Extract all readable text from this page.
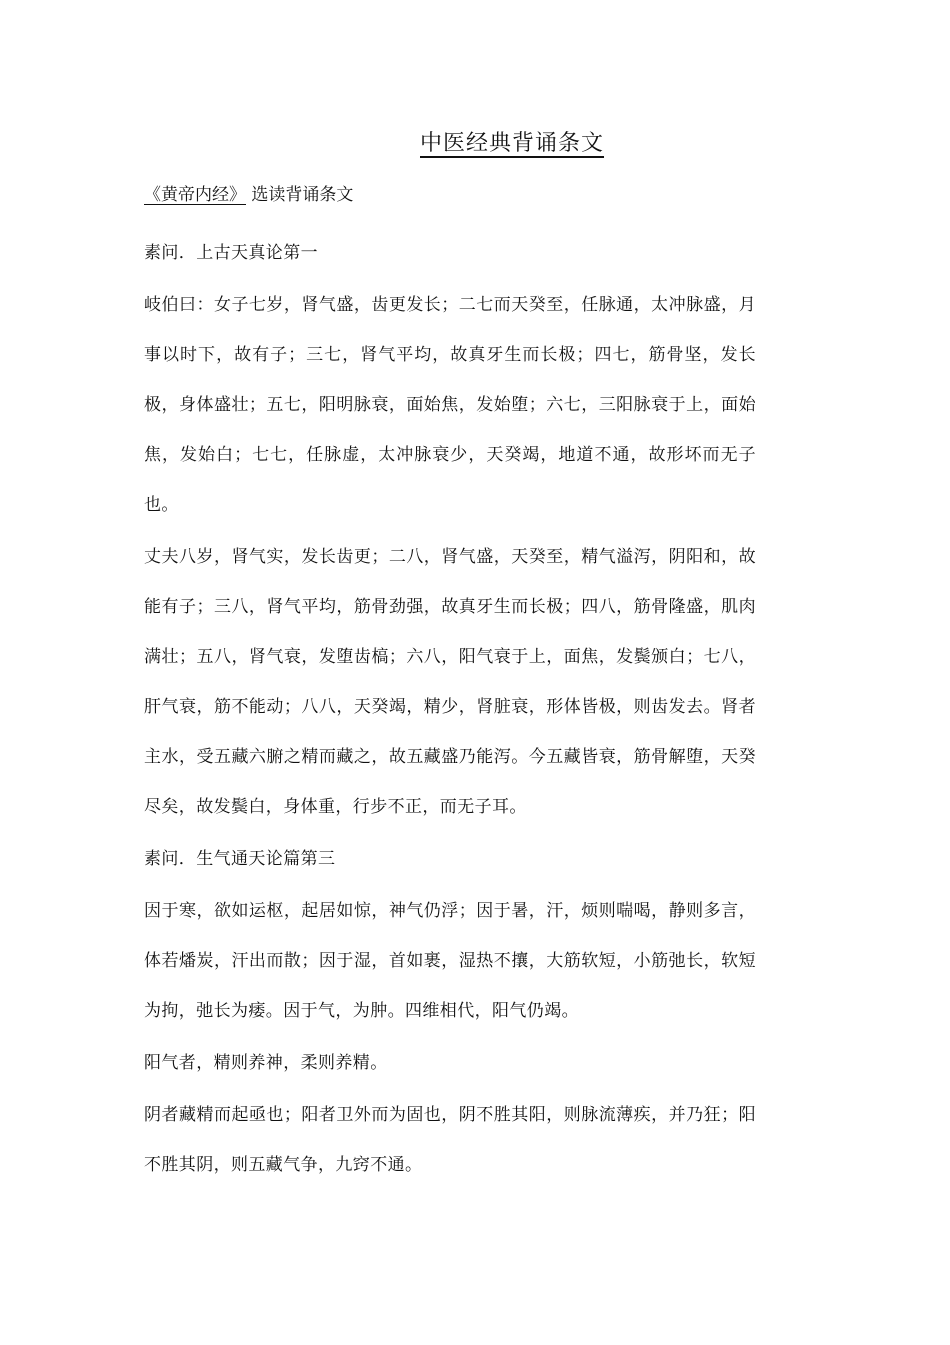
中医经典背诵条文
《黄帝内经》 选读背诵条文

素问．上古天真论第一

岐伯曰：女子七岁，肾气盛，齿更发长；二七而天癸至，任脉通，太冲脉盛，月事以时下，故有子；三七，肾气平均，故真牙生而长极；四七，筋骨坚，发长极，身体盛壮；五七，阳明脉衰，面始焦，发始堕；六七，三阳脉衰于上，面始焦，发始白；七七，任脉虚，太冲脉衰少，天癸竭，地道不通，故形坏而无子也。

丈夫八岁，肾气实，发长齿更；二八，肾气盛，天癸至，精气溢泻，阴阳和，故能有子；三八，肾气平均，筋骨劲强，故真牙生而长极；四八，筋骨隆盛，肌肉满壮；五八，肾气衰，发堕齿槁；六八，阳气衰于上，面焦，发鬓颁白；七八，肝气衰，筋不能动；八八，天癸竭，精少，肾脏衰，形体皆极，则齿发去。肾者主水，受五藏六腑之精而藏之，故五藏盛乃能泻。今五藏皆衰，筋骨解堕，天癸尽矣，故发鬓白，身体重，行步不正，而无子耳。

素问．生气通天论篇第三

因于寒，欲如运枢，起居如惊，神气仍浮；因于暑，汗，烦则喘喝，静则多言，体若燔炭，汗出而散；因于湿，首如裹，湿热不攘，大筋软短，小筋弛长，软短为拘，弛长为痿。因于气，为肿。四维相代，阳气仍竭。

阳气者，精则养神，柔则养精。

阴者藏精而起亟也；阳者卫外而为固也，阴不胜其阳，则脉流薄疾，并乃狂；阳不胜其阴，则五藏气争，九窍不通。
